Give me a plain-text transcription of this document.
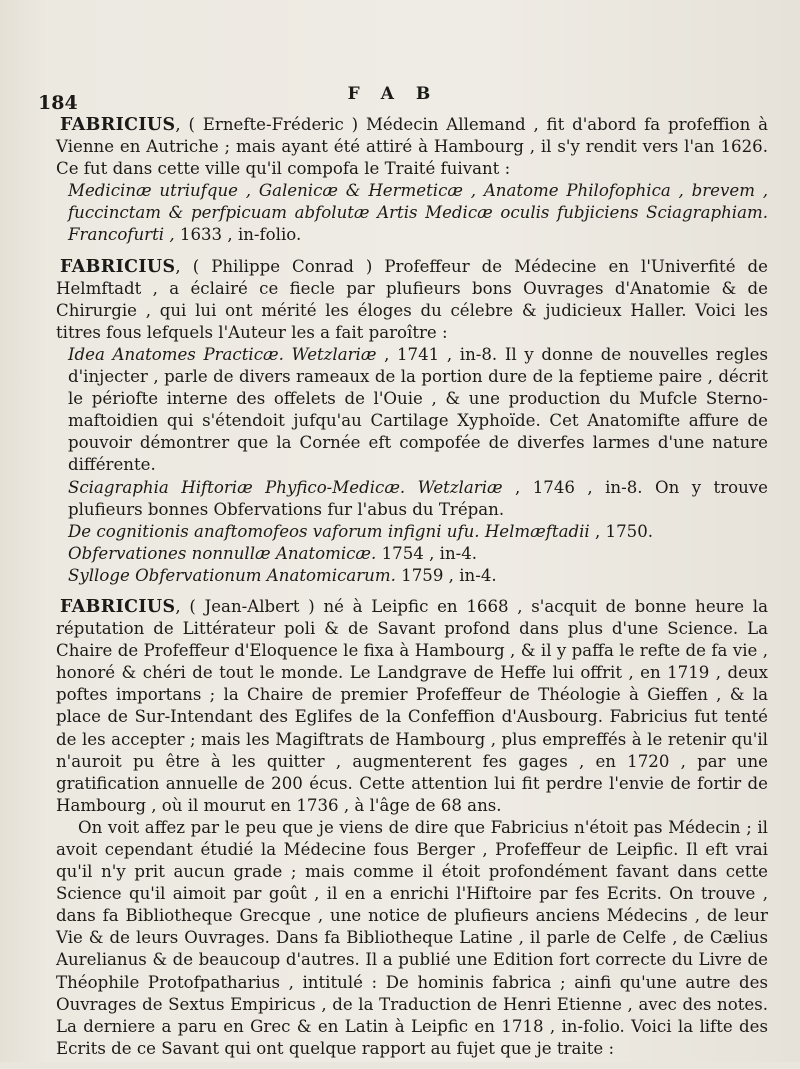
FAB
184

FABRICIUS, ( Ernefte-Fréderic ) Médecin Allemand , fit d'abord fa profeffion à Vienne en Autriche ; mais ayant été attiré à Hambourg , il s'y rendit vers l'an 1626. Ce fut dans cette ville qu'il compofa le Traité fuivant :

Medicinæ utriufque , Galenicæ & Hermeticæ , Anatome Philofophica , brevem , fuccinctam & perfpicuam abfolutæ Artis Medicæ oculis fubjiciens Sciagraphiam. Francofurti , 1633 , in-folio.

FABRICIUS, ( Philippe Conrad ) Profeffeur de Médecine en l'Univerfité de Helmftadt , a éclairé ce fiecle par plufieurs bons Ouvrages d'Anatomie & de Chirurgie , qui lui ont mérité les éloges du célebre & judicieux Haller. Voici les titres fous lefquels l'Auteur les a fait paroître :

Idea Anatomes Practicæ. Wetzlariæ , 1741 , in-8. Il y donne de nouvelles regles d'injecter , parle de divers rameaux de la portion dure de la feptieme paire , décrit le périofte interne des offelets de l'Ouie , & une production du Mufcle Sterno-maftoidien qui s'étendoit jufqu'au Cartilage Xyphoïde. Cet Anatomifte affure de pouvoir démontrer que la Cornée eft compofée de diverfes larmes d'une nature différente.

Sciagraphia Hiftoriæ Phyfico-Medicæ. Wetzlariæ , 1746 , in-8. On y trouve plufieurs bonnes Obfervations fur l'abus du Trépan.

De cognitionis anaftomofeos vaforum infigni ufu. Helmæftadii , 1750.

Obfervationes nonnullæ Anatomicæ. 1754 , in-4.

Sylloge Obfervationum Anatomicarum. 1759 , in-4.

FABRICIUS, ( Jean-Albert ) né à Leipfic en 1668 , s'acquit de bonne heure la réputation de Littérateur poli & de Savant profond dans plus d'une Science. La Chaire de Profeffeur d'Eloquence le fixa à Hambourg , & il y paffa le refte de fa vie , honoré & chéri de tout le monde. Le Landgrave de Heffe lui offrit , en 1719 , deux poftes importans ; la Chaire de premier Profeffeur de Théologie à Gieffen , & la place de Sur-Intendant des Eglifes de la Confeffion d'Ausbourg. Fabricius fut tenté de les accepter ; mais les Magiftrats de Hambourg , plus empreffés à le retenir qu'il n'auroit pu être à les quitter , augmenterent fes gages , en 1720 , par une gratification annuelle de 200 écus. Cette attention lui fit perdre l'envie de fortir de Hambourg , où il mourut en 1736 , à l'âge de 68 ans.

On voit affez par le peu que je viens de dire que Fabricius n'étoit pas Médecin ; il avoit cependant étudié la Médecine fous Berger , Profeffeur de Leipfic. Il eft vrai qu'il n'y prit aucun grade ; mais comme il étoit profondément favant dans cette Science qu'il aimoit par goût , il en a enrichi l'Hiftoire par fes Ecrits. On trouve , dans fa Bibliotheque Grecque , une notice de plufieurs anciens Médecins , de leur Vie & de leurs Ouvrages. Dans fa Bibliotheque Latine , il parle de Celfe , de Cælius Aurelianus & de beaucoup d'autres. Il a publié une Edition fort correcte du Livre de Théophile Protofpatharius , intitulé : De hominis fabrica ; ainfi qu'une autre des Ouvrages de Sextus Empiricus , de la Traduction de Henri Etienne , avec des notes. La derniere a paru en Grec & en Latin à Leipfic en 1718 , in-folio. Voici la lifte des Ecrits de ce Savant qui ont quelque rapport au fujet que je traite :
